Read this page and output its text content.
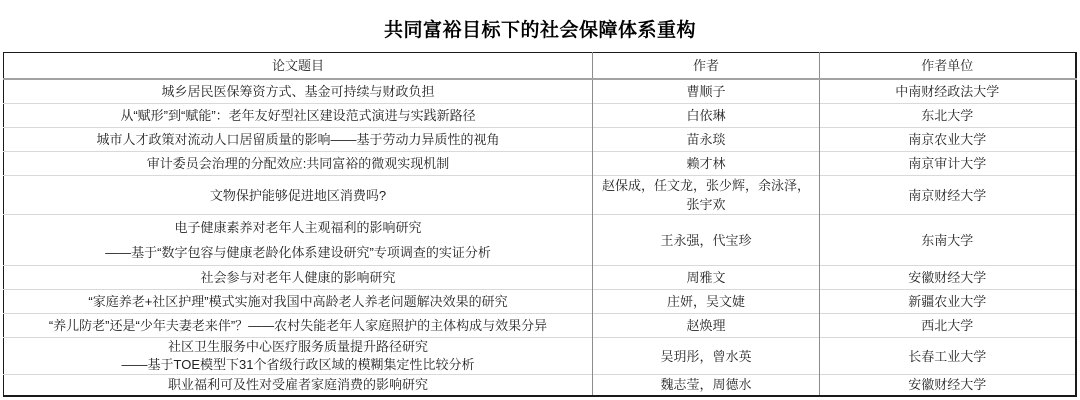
共同富裕目标下的社会保障体系重构
论文题目	作者	作者单位

城乡居民医保筹资方式、基金可持续与财政负担	曹顺子	中南财经政法大学

从“赋形”到“赋能”：老年友好型社区建设范式演进与实践新路径	白依琳	东北大学

城市人才政策对流动人口居留质量的影响——基于劳动力异质性的视角	苗永琰	南京农业大学

审计委员会治理的分配效应:共同富裕的微观实现机制	赖才林	南京审计大学

文物保护能够促进地区消费吗?	赵保成，任文龙，张少辉，余泳泽，张宇欢	南京财经大学

电子健康素养对老年人主观福利的影响研究
——基于“数字包容与健康老龄化体系建设研究”专项调查的实证分析	王永强，代宝珍	东南大学

社会参与对老年人健康的影响研究	周雅文	安徽财经大学

“家庭养老+社区护理”模式实施对我国中高龄老人养老问题解决效果的研究	庄妍，吴文婕	新疆农业大学

“养儿防老”还是“少年夫妻老来伴”？——农村失能老年人家庭照护的主体构成与效果分异	赵焕理	西北大学

社区卫生服务中心医疗服务质量提升路径研究
——基于TOE模型下31个省级行政区域的模糊集定性比较分析	吴玥彤，曾水英	长春工业大学

职业福利可及性对受雇者家庭消费的影响研究	魏志莹，周德水	安徽财经大学
